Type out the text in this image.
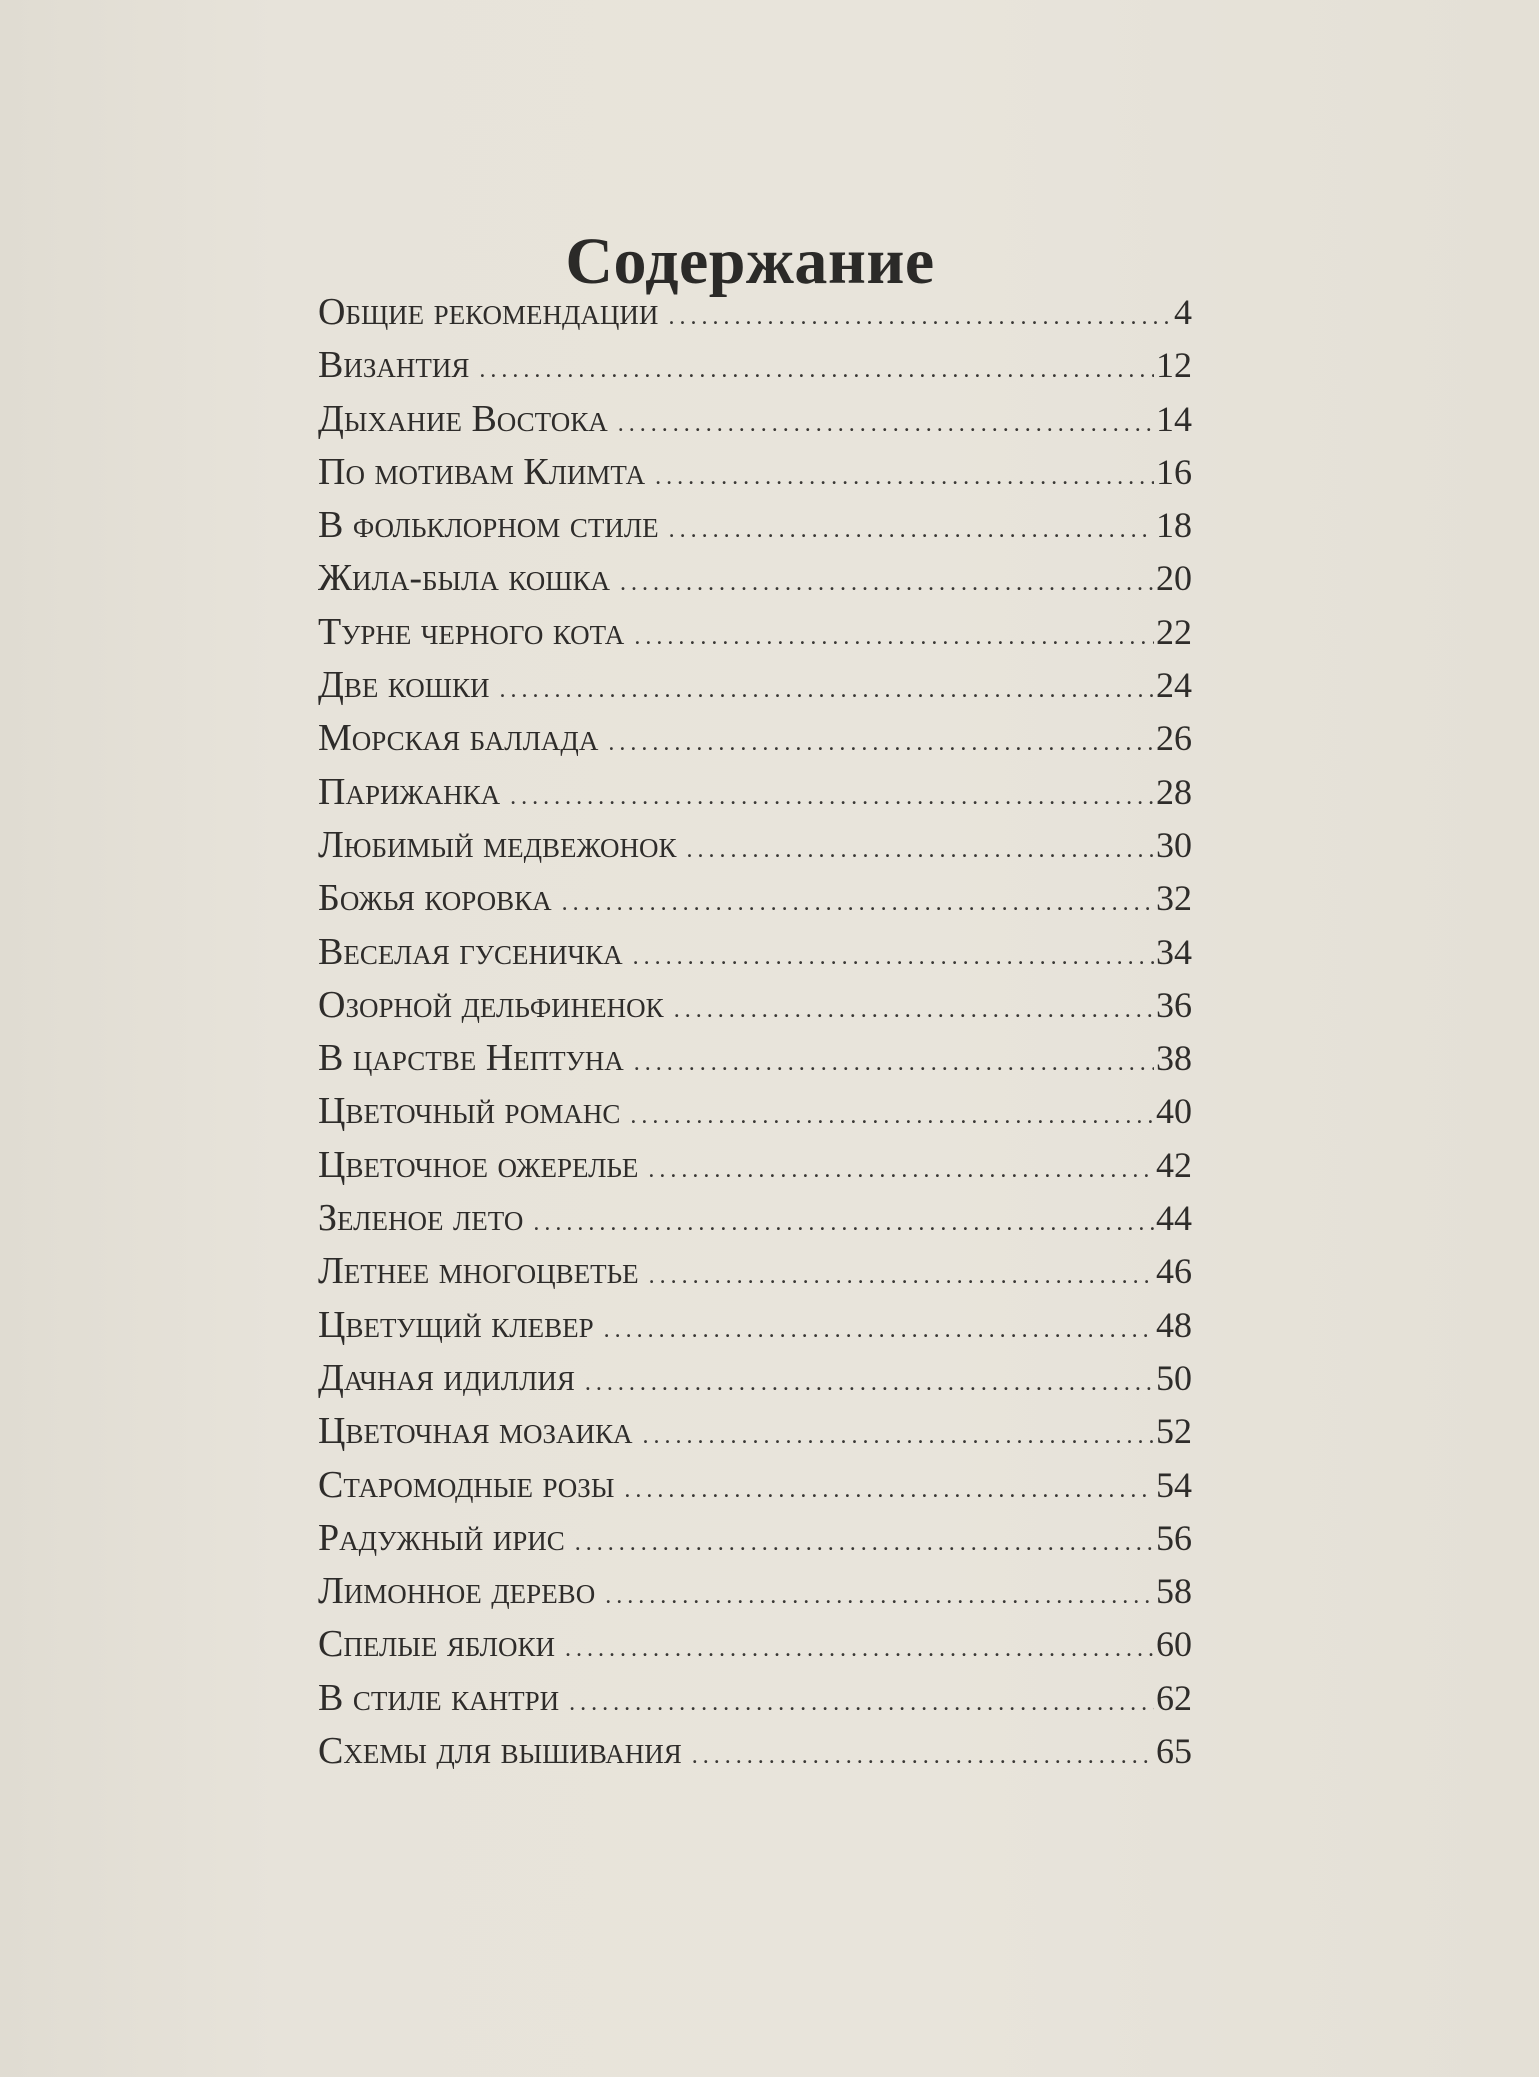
Содержание
Общие рекомендации .....	4
Византия .....	12
Дыхание Востока .....	14
По мотивам Климта .....	16
В фольклорном стиле .....	18
Жила-была кошка .....	20
Турне черного кота .....	22
Две кошки .....	24
Морская баллада .....	26
Парижанка .....	28
Любимый медвежонок .....	30
Божья коровка .....	32
Веселая гусеничка .....	34
Озорной дельфиненок .....	36
В царстве Нептуна .....	38
Цветочный романс .....	40
Цветочное ожерелье .....	42
Зеленое лето .....	44
Летнее многоцветье .....	46
Цветущий клевер .....	48
Дачная идиллия .....	50
Цветочная мозаика .....	52
Старомодные розы .....	54
Радужный ирис .....	56
Лимонное дерево .....	58
Спелые яблоки .....	60
В стиле кантри .....	62
Схемы для вышивания .....	65
